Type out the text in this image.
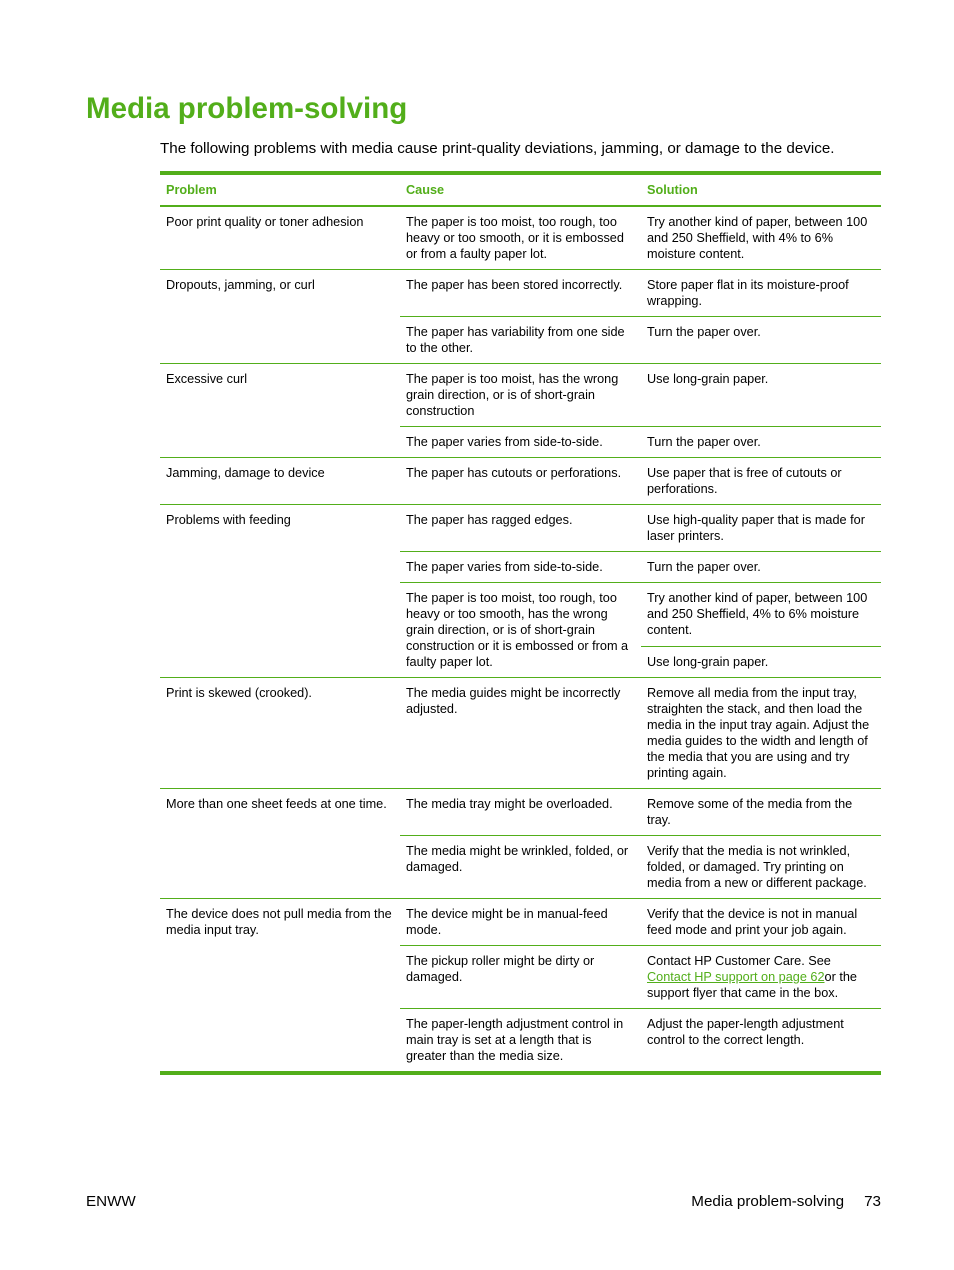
Media problem-solving

The following problems with media cause print-quality deviations, jamming, or damage to the device.

Problem	Cause	Solution
Poor print quality or toner adhesion	The paper is too moist, too rough, too heavy or too smooth, or it is embossed or from a faulty paper lot.	Try another kind of paper, between 100 and 250 Sheffield, with 4% to 6% moisture content.
Dropouts, jamming, or curl	The paper has been stored incorrectly.	Store paper flat in its moisture-proof wrapping.
	The paper has variability from one side to the other.	Turn the paper over.
Excessive curl	The paper is too moist, has the wrong grain direction, or is of short-grain construction	Use long-grain paper.
	The paper varies from side-to-side.	Turn the paper over.
Jamming, damage to device	The paper has cutouts or perforations.	Use paper that is free of cutouts or perforations.
Problems with feeding	The paper has ragged edges.	Use high-quality paper that is made for laser printers.
	The paper varies from side-to-side.	Turn the paper over.
	The paper is too moist, too rough, too heavy or too smooth, has the wrong grain direction, or is of short-grain construction or it is embossed or from a faulty paper lot.	Try another kind of paper, between 100 and 250 Sheffield, 4% to 6% moisture content.
		Use long-grain paper.
Print is skewed (crooked).	The media guides might be incorrectly adjusted.	Remove all media from the input tray, straighten the stack, and then load the media in the input tray again. Adjust the media guides to the width and length of the media that you are using and try printing again.
More than one sheet feeds at one time.	The media tray might be overloaded.	Remove some of the media from the tray.
	The media might be wrinkled, folded, or damaged.	Verify that the media is not wrinkled, folded, or damaged. Try printing on media from a new or different package.
The device does not pull media from the media input tray.	The device might be in manual-feed mode.	Verify that the device is not in manual feed mode and print your job again.
	The pickup roller might be dirty or damaged.	Contact HP Customer Care. See Contact HP support on page 62or the support flyer that came in the box.
	The paper-length adjustment control in main tray is set at a length that is greater than the media size.	Adjust the paper-length adjustment control to the correct length.
ENWW	Media problem-solving 73
